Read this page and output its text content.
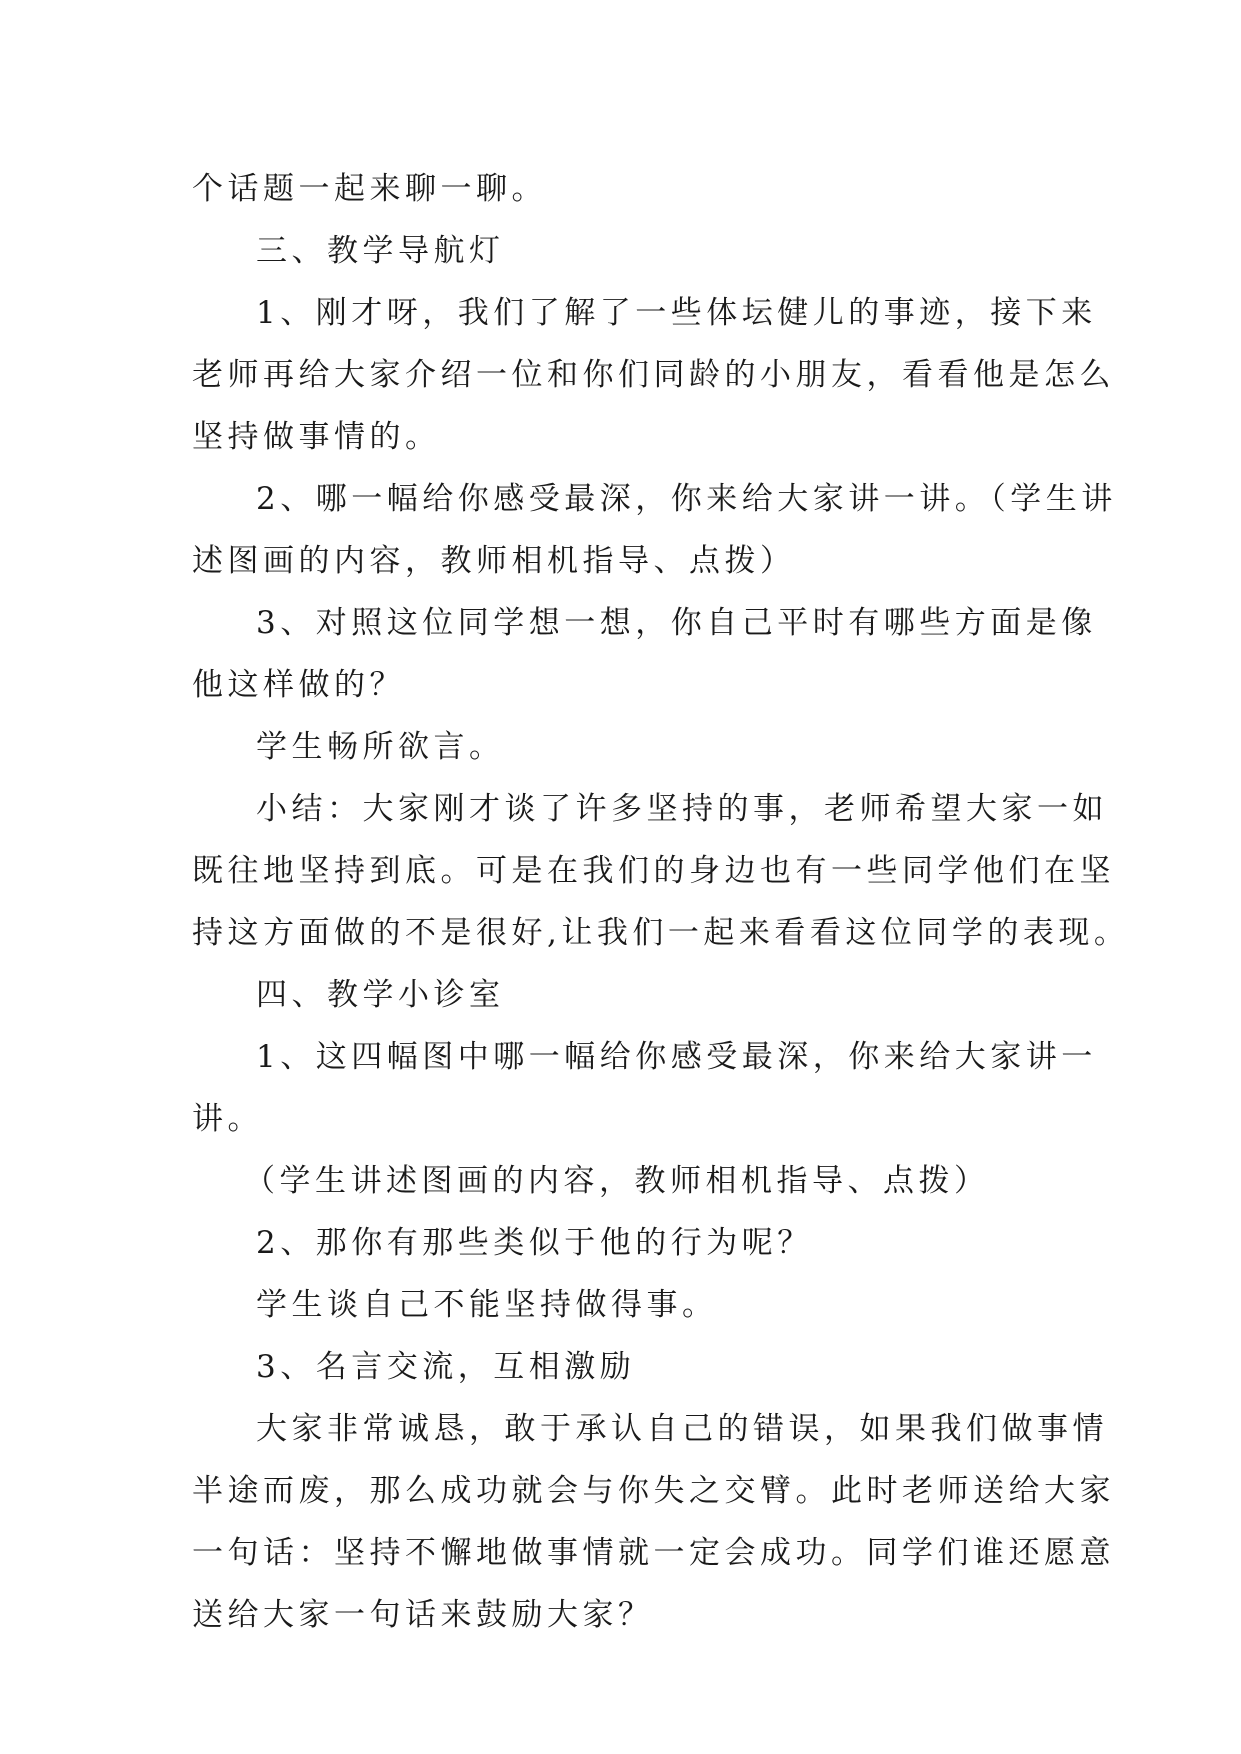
个话题一起来聊一聊。
三、教学导航灯
1、刚才呀，我们了解了一些体坛健儿的事迹，接下来
老师再给大家介绍一位和你们同龄的小朋友，看看他是怎么
坚持做事情的。
2、哪一幅给你感受最深，你来给大家讲一讲。（学生讲
述图画的内容，教师相机指导、点拨）
3、对照这位同学想一想，你自己平时有哪些方面是像
他这样做的？
学生畅所欲言。
小结：大家刚才谈了许多坚持的事，老师希望大家一如
既往地坚持到底。可是在我们的身边也有一些同学他们在坚
持这方面做的不是很好,让我们一起来看看这位同学的表现。
四、教学小诊室
1、这四幅图中哪一幅给你感受最深，你来给大家讲一
讲。
（学生讲述图画的内容，教师相机指导、点拨）
2、那你有那些类似于他的行为呢？
学生谈自己不能坚持做得事。
3、名言交流，互相激励
大家非常诚恳，敢于承认自己的错误，如果我们做事情
半途而废，那么成功就会与你失之交臂。此时老师送给大家
一句话：坚持不懈地做事情就一定会成功。同学们谁还愿意
送给大家一句话来鼓励大家？
